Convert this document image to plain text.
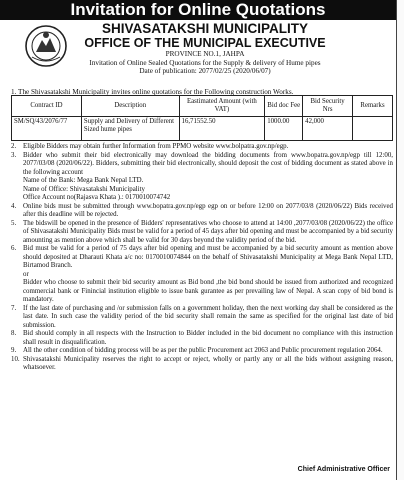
Invitation for Online Quotations
SHIVASATAKSHI MUNICIPALITY
OFFICE OF THE MUNICIPAL EXECUTIVE
PROVINCE NO.1, JAHPA
Invitation of Online Sealed Quotations for the Supply & delivery of Hume pipes
Date of publication: 2077/02/25 (2020/06/07)
1. The Shivasatakshi Municipality invites online quotations for the Following construction Works.
Contract ID	Description	Eastimated Amount (with VAT)	Bid doc Fee	Bid Security Nrs	Remarks
SM/SQ/43/2076/77	Supply and Delivery of Different Sized hume pipes	16,71552.50	1000.00	42,000	
2. Eligible Bidders may obtain further Information from PPMO website www.bolpatra.gov.np/egp.
3. Bidder who submit their bid electronically may download the bidding documents from www.bopatra.gov.np/egp till 12:00, 2077/03/08 (2020/06/22). Bidders, submitting their bid electronically, should deposit the cost of bidding document as stated above in the following account
Name of the Bank: Mega Bank Nepal LTD.
Name of Office: Shivasatakshi Municipality
Office Account no(Rajasva Khata ).: 0170010074742
4. Online bids must be submitted through www.bopatra.gov.np/egp egp on or before 12:00 on 2077/03/8 (2020/06/22) Bids received after this deadline will be rejected.
5. The bidswill be opened in the presence of Bidders' representatives who choose to attend at 14:00 ,2077/03/08 (2020/06/22) the office of Shivasatakshi Municipality Bids must be valid for a period of 45 days after bid opening and must be accompanied by a bid security amounting as mention above which shall be valid for 30 days beyond the validity period of the bid.
6. Bid must be valid for a period of 75 days after bid opening and must be accompanied by a bid security amount as mention above should deposited at Dharauti Khata a/c no: 0170010074844 on the behalf of Shivasatakshi Municipality at Mega Bank Nepal LTD, Birtamod Branch.
or
Bidder who choose to submit their bid security amount as Bid bond ,the bid bond should be issued from authorized and recognized commercial bank or Finincial institution eligible to issue bank gurantee as per prevailing law of Nepal. A scan copy of bid bond is mandatory.
7. If the last date of purchasing and /or submission falls on a government holiday, then the next working day shall be considered as the last date. In such case the validity period of the bid security shall remain the same as specified for the original last date of bid submission.
8. Bid should comply in all respects with the Instruction to Bidder included in the bid document no compliance with this instruction shall result in disqualification.
9. All the other condition of bidding process will be as per the public Procurement act 2063 and Public procurement regulation 2064.
10. Shivasatakshi Municipality reserves the right to accept or reject, wholly or partly any or all the bids without assigning reason, whatsoever.
Chief Administrative Officer
